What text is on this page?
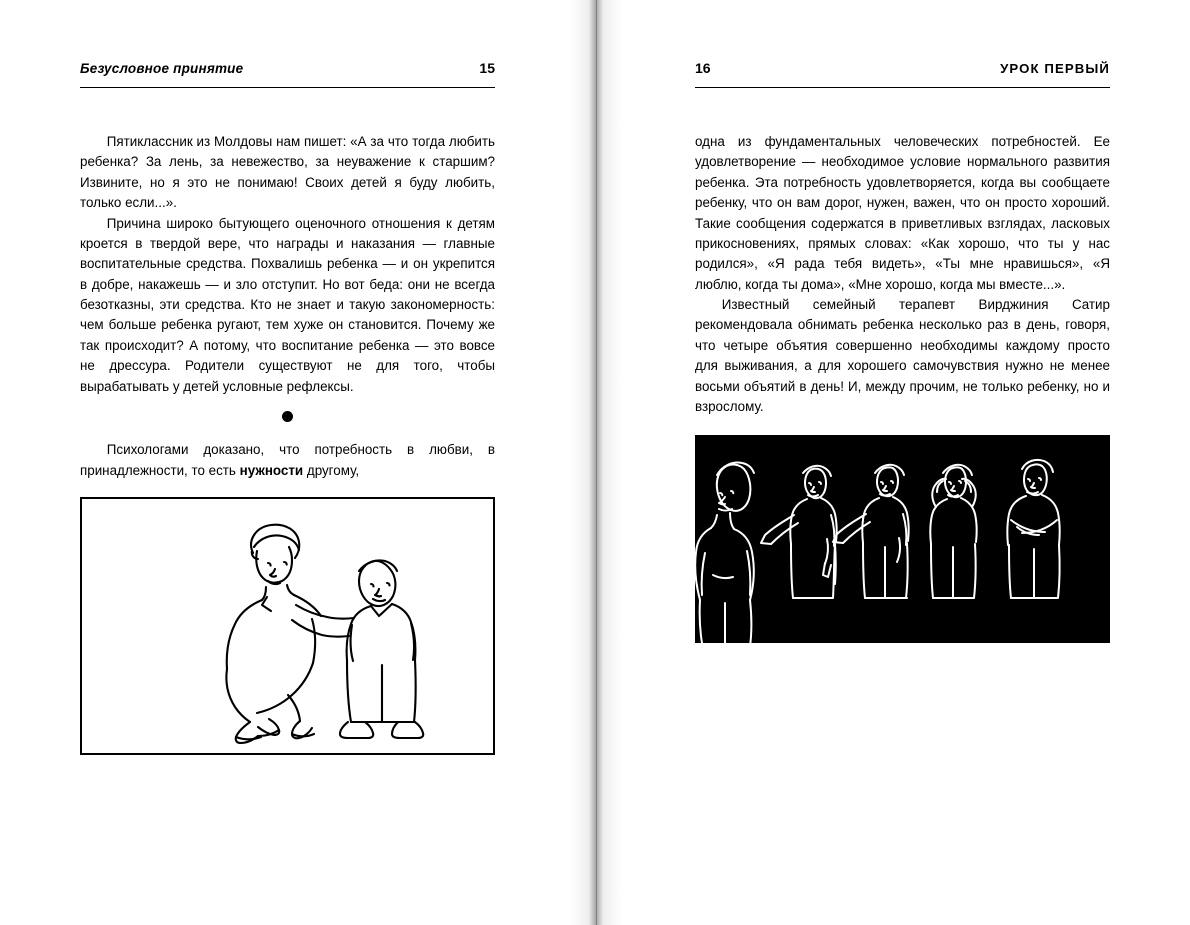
Безусловное принятие	15

Пятиклассник из Молдовы нам пишет: «А за что тогда любить ребенка? За лень, за невежество, за неуважение к старшим? Извините, но я это не понимаю! Своих детей я буду любить, только если...».

Причина широко бытующего оценочного отношения к детям кроется в твердой вере, что награды и наказания — главные воспитательные средства. Похвалишь ребенка — и он укрепится в добре, накажешь — и зло отступит. Но вот беда: они не всегда безотказны, эти средства. Кто не знает и такую закономерность: чем больше ребенка ругают, тем хуже он становится. Почему же так происходит? А потому, что воспитание ребенка — это вовсе не дрессура. Родители существуют не для того, чтобы вырабатывать у детей условные рефлексы.

Психологами доказано, что потребность в любви, в принадлежности, то есть нужности другому,

16	УРОК ПЕРВЫЙ

одна из фундаментальных человеческих потребностей. Ее удовлетворение — необходимое условие нормального развития ребенка. Эта потребность удовлетворяется, когда вы сообщаете ребенку, что он вам дорог, нужен, важен, что он просто хороший. Такие сообщения содержатся в приветливых взглядах, ласковых прикосновениях, прямых словах: «Как хорошо, что ты у нас родился», «Я рада тебя видеть», «Ты мне нравишься», «Я люблю, когда ты дома», «Мне хорошо, когда мы вместе...».

Известный семейный терапевт Вирджиния Сатир рекомендовала обнимать ребенка несколько раз в день, говоря, что четыре объятия совершенно необходимы каждому просто для выживания, а для хорошего самочувствия нужно не менее восьми объятий в день! И, между прочим, не только ребенку, но и взрослому.
